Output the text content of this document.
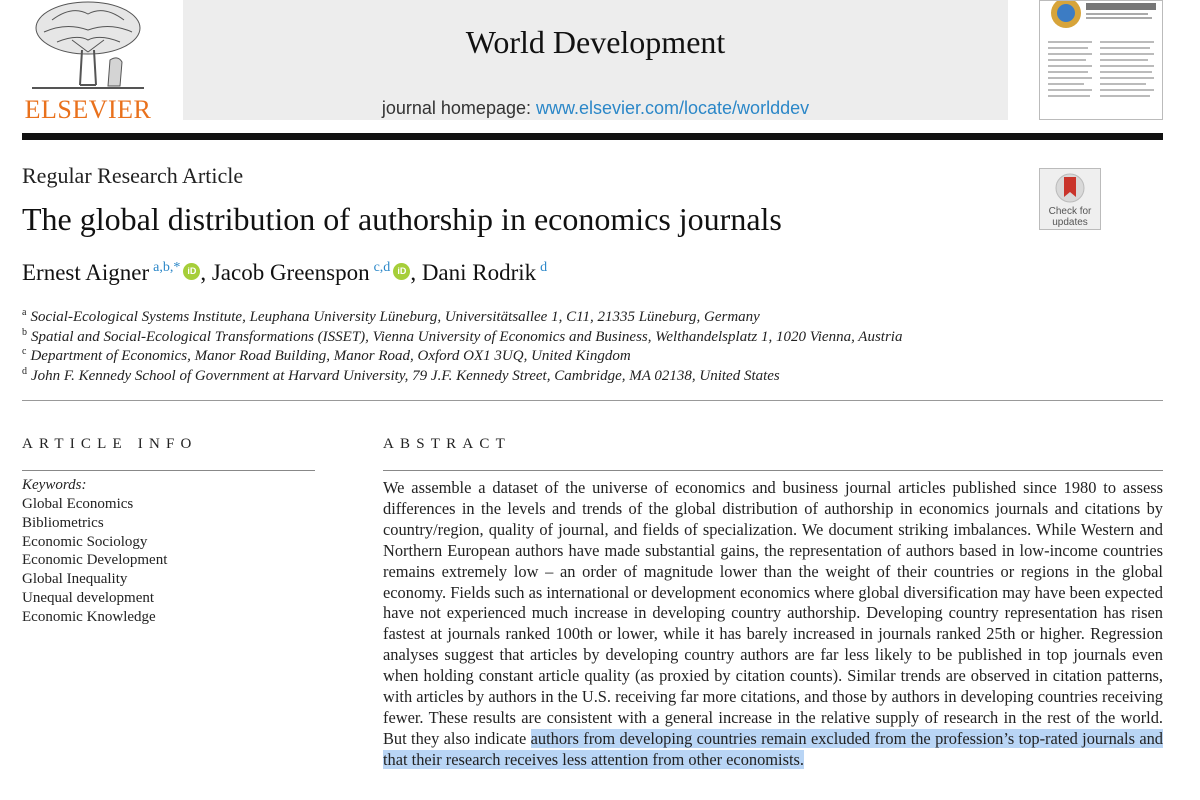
ELSEVIER
World Development
journal homepage: www.elsevier.com/locate/worlddev
Regular Research Article
The global distribution of authorship in economics journals	Check for updates
Ernest Aigner $^{a,b,*}$ iD , Jacob Greenspon $^{c,d}$ iD , Dani Rodrik $^d$
$^a$ Social-Ecological Systems Institute, Leuphana University Lüneburg, Universitätsallee 1, C11, 21335 Lüneburg, Germany
$^b$ Spatial and Social-Ecological Transformations (ISSET), Vienna University of Economics and Business, Welthandelsplatz 1, 1020 Vienna, Austria
$^c$ Department of Economics, Manor Road Building, Manor Road, Oxford OX1 3UQ, United Kingdom
$^d$ John F. Kennedy School of Government at Harvard University, 79 J.F. Kennedy Street, Cambridge, MA 02138, United States
ARTICLE INFO
Keywords:
Global Economics
Bibliometrics
Economic Sociology
Economic Development
Global Inequality
Unequal development
Economic Knowledge
ABSTRACT
We assemble a dataset of the universe of economics and business journal articles published since 1980 to assess differences in the levels and trends of the global distribution of authorship in economics journals and citations by country/region, quality of journal, and fields of specialization. We document striking imbalances. While Western and Northern European authors have made substantial gains, the representation of authors based in low-income countries remains extremely low – an order of magnitude lower than the weight of their countries or regions in the global economy. Fields such as international or development economics where global diversification may have been expected have not experienced much increase in developing country authorship. Developing country representation has risen fastest at journals ranked 100th or lower, while it has barely increased in journals ranked 25th or higher. Regression analyses suggest that articles by developing country authors are far less likely to be published in top journals even when holding constant article quality (as proxied by citation counts). Similar trends are observed in citation patterns, with articles by authors in the U.S. receiving far more citations, and those by authors in developing countries receiving fewer. These results are consistent with a general increase in the relative supply of research in the rest of the world. But they also indicate authors from developing countries remain excluded from the profession’s top-rated journals and that their research receives less attention from other economists.
